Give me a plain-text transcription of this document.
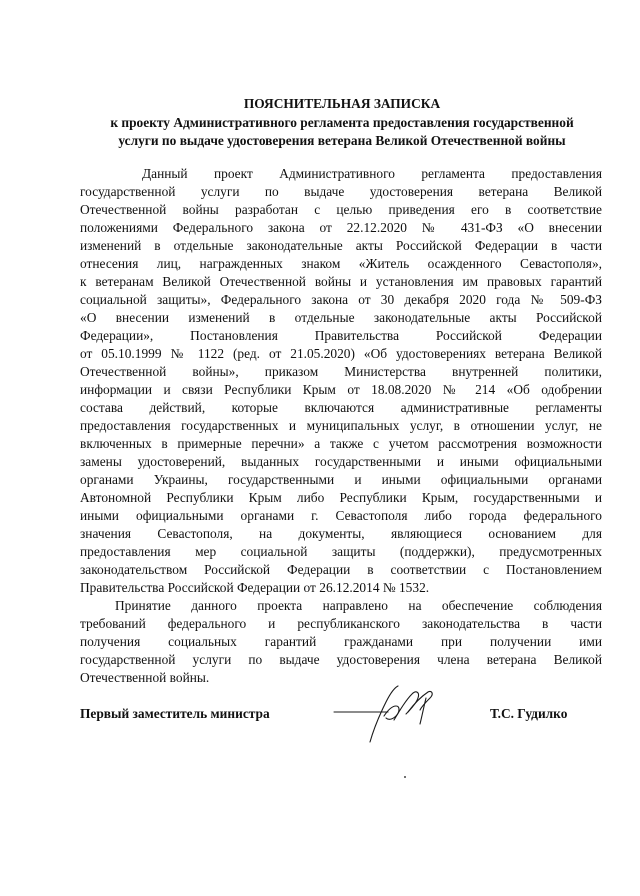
ПОЯСНИТЕЛЬНАЯ ЗАПИСКА
к проекту Административного регламента предоставления государственной
услуги по выдаче удостоверения ветерана Великой Отечественной войны
Данный проект Административного регламента предоставления
государственной услуги по выдаче удостоверения ветерана Великой
Отечественной войны разработан с целью приведения его в соответствие
положениями Федерального закона от 22.12.2020 № 431-ФЗ «О внесении
изменений в отдельные законодательные акты Российской Федерации в части
отнесения лиц, награжденных знаком «Житель осажденного Севастополя»,
к ветеранам Великой Отечественной войны и установления им правовых гарантий
социальной защиты», Федерального закона от 30 декабря 2020 года № 509-ФЗ
«О внесении изменений в отдельные законодательные акты Российской
Федерации», Постановления Правительства Российской Федерации
от 05.10.1999 № 1122 (ред. от 21.05.2020) «Об удостоверениях ветерана Великой
Отечественной войны», приказом Министерства внутренней политики,
информации и связи Республики Крым от 18.08.2020 № 214 «Об одобрении
состава действий, которые включаются административные регламенты
предоставления государственных и муниципальных услуг, в отношении услуг, не
включенных в примерные перечни» а также с учетом рассмотрения возможности
замены удостоверений, выданных государственными и иными официальными
органами Украины, государственными и иными официальными органами
Автономной Республики Крым либо Республики Крым, государственными и
иными официальными органами г. Севастополя либо города федерального
значения Севастополя, на документы, являющиеся основанием для
предоставления мер социальной защиты (поддержки), предусмотренных
законодательством Российской Федерации в соответствии с Постановлением
Правительства Российской Федерации от 26.12.2014 № 1532.
Принятие данного проекта направлено на обеспечение соблюдения
требований федерального и республиканского законодательства в части
получения социальных гарантий гражданами при получении ими
государственной услуги по выдаче удостоверения члена ветерана Великой
Отечественной войны.
Первый заместитель министра	Т.С. Гудилко
